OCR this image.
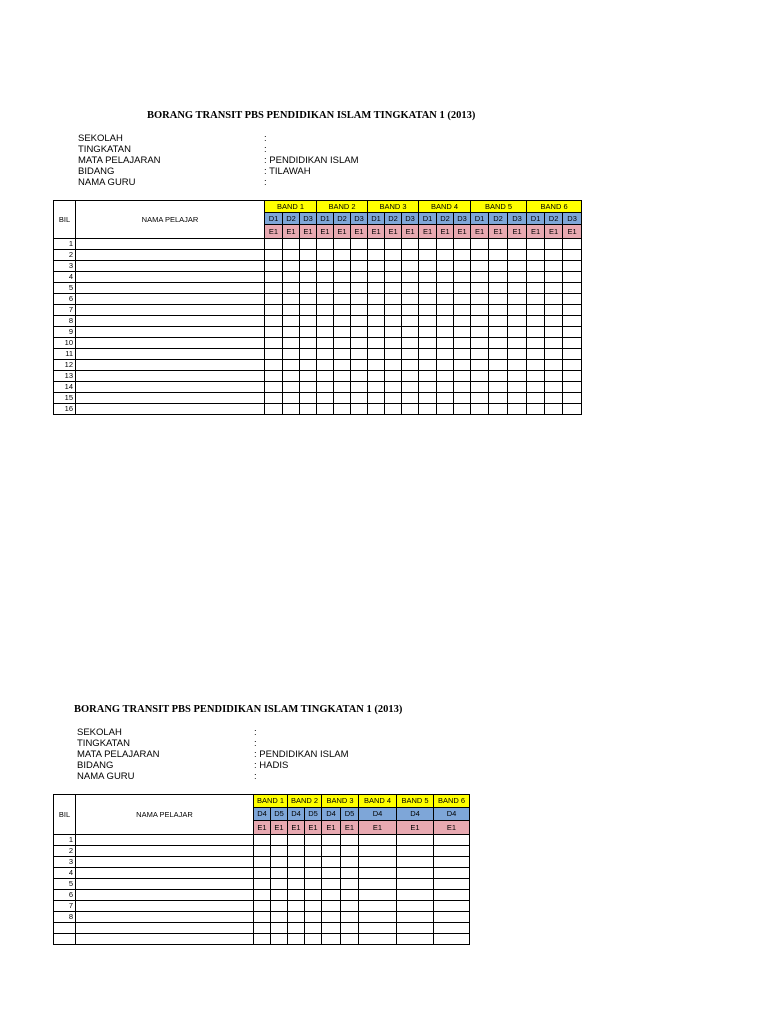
BORANG TRANSIT PBS PENDIDIKAN ISLAM TINGKATAN 1 (2013)
SEKOLAH	:
TINGKATAN	:
MATA PELAJARAN	: PENDIDIKAN ISLAM
BIDANG	: TILAWAH
NAMA GURU	:
BIL	NAMA PELAJAR	BAND 1			BAND 2			BAND 3			BAND 4			BAND 5			BAND 6		
		D1	D2	D3	D1	D2	D3	D1	D2	D3	D1	D2	D3	D1	D2	D3	D1	D2	D3
		E1	E1	E1	E1	E1	E1	E1	E1	E1	E1	E1	E1	E1	E1	E1	E1	E1	E1
1																			
2																			
3																			
4																			
5																			
6																			
7																			
8																			
9																			
10																			
11																			
12																			
13																			
14																			
15																			
16																			
BORANG TRANSIT PBS PENDIDIKAN ISLAM TINGKATAN 1 (2013)
SEKOLAH	:
TINGKATAN	:
MATA PELAJARAN	: PENDIDIKAN ISLAM
BIDANG	: HADIS
NAMA GURU	:
BIL	NAMA PELAJAR	BAND 1		BAND 2		BAND 3		BAND 4	BAND 5	BAND 6
		D4	D5	D4	D5	D4	D5	D4	D4	D4
		E1	E1	E1	E1	E1	E1	E1	E1	E1
1										
2										
3										
4										
5										
6										
7										
8										
